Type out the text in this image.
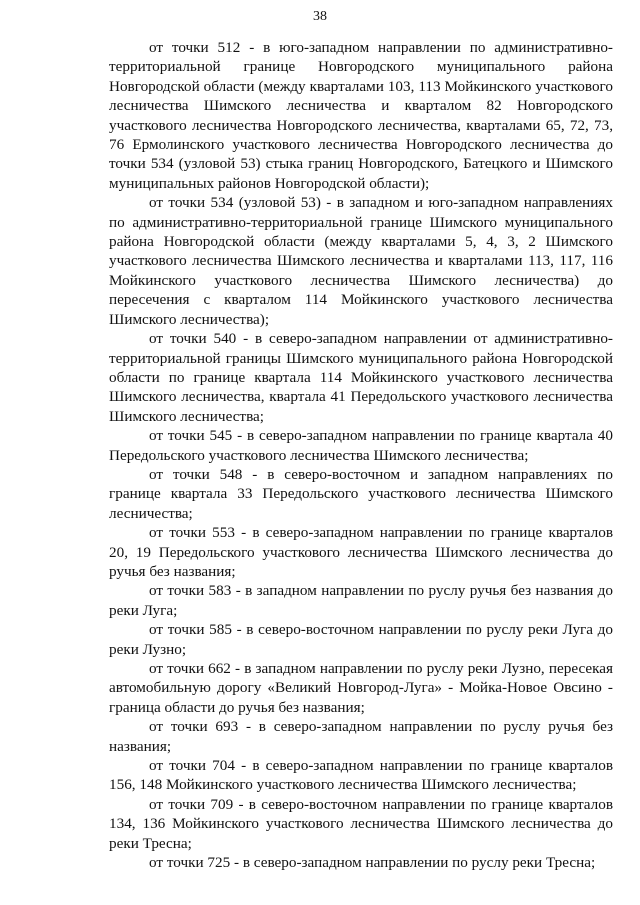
38

от точки 512 - в юго-западном направлении по административно-территориальной границе Новгородского муниципального района Новгородской области (между кварталами 103, 113 Мойкинского участкового лесничества Шимского лесничества и кварталом 82 Новгородского участкового лесничества Новгородского лесничества, кварталами 65, 72, 73, 76 Ермолинского участкового лесничества Новгородского лесничества до точки 534 (узловой 53) стыка границ Новгородского, Батецкого и Шимского муниципальных районов Новгородской области);

от точки 534 (узловой 53) - в западном и юго-западном направлениях по административно-территориальной границе Шимского муниципального района Новгородской области (между кварталами 5, 4, 3, 2 Шимского участкового лесничества Шимского лесничества и кварталами 113, 117, 116 Мойкинского участкового лесничества Шимского лесничества) до пересечения с кварталом 114 Мойкинского участкового лесничества Шимского лесничества);

от точки 540 - в северо-западном направлении от административно-территориальной границы Шимского муниципального района Новгородской области по границе квартала 114 Мойкинского участкового лесничества Шимского лесничества, квартала 41 Передольского участкового лесничества Шимского лесничества;

от точки 545 - в северо-западном направлении по границе квартала 40 Передольского участкового лесничества Шимского лесничества;

от точки 548 - в северо-восточном и западном направлениях по границе квартала 33 Передольского участкового лесничества Шимского лесничества;

от точки 553 - в северо-западном направлении по границе кварталов 20, 19 Передольского участкового лесничества Шимского лесничества до ручья без названия;

от точки 583 - в западном направлении по руслу ручья без названия до реки Луга;

от точки 585 - в северо-восточном направлении по руслу реки Луга до реки Лузно;

от точки 662 - в западном направлении по руслу реки Лузно, пересекая автомобильную дорогу «Великий Новгород-Луга» - Мойка-Новое Овсино - граница области до ручья без названия;

от точки 693 - в северо-западном направлении по руслу ручья без названия;

от точки 704 - в северо-западном направлении по границе кварталов 156, 148 Мойкинского участкового лесничества Шимского лесничества;

от точки 709 - в северо-восточном направлении по границе кварталов 134, 136 Мойкинского участкового лесничества Шимского лесничества до реки Тресна;

от точки 725 - в северо-западном направлении по руслу реки Тресна;
